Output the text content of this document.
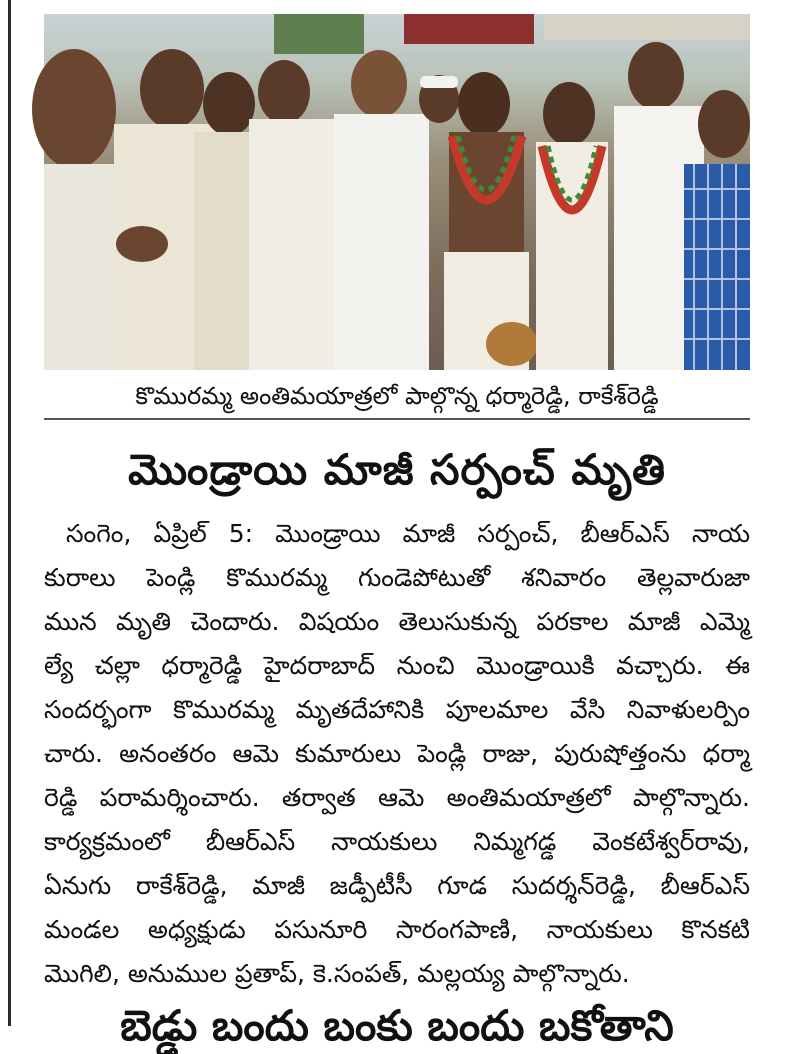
కొమురమ్మ అంతిమయాత్రలో పాల్గొన్న ధర్మారెడ్డి, రాకేశ్‌రెడ్డి
మొండ్రాయి మాజీ సర్పంచ్ మృతి
సంగెం, ఏప్రిల్ 5: మొండ్రాయి మాజీ సర్పంచ్, బీఆర్ఎస్ నాయ
కురాలు పెండ్లి కొమురమ్మ గుండెపోటుతో శనివారం తెల్లవారుజా
మున మృతి చెందారు. విషయం తెలుసుకున్న పరకాల మాజీ ఎమ్మె
ల్యే చల్లా ధర్మారెడ్డి హైదరాబాద్ నుంచి మొండ్రాయికి వచ్చారు. ఈ
సందర్భంగా కొమురమ్మ మృతదేహానికి పూలమాల వేసి నివాళులర్పిం
చారు. అనంతరం ఆమె కుమారులు పెండ్లి రాజు, పురుషోత్తంను ధర్మా
రెడ్డి పరామర్శించారు. తర్వాత ఆమె అంతిమయాత్రలో పాల్గొన్నారు.
కార్యక్రమంలో బీఆర్ఎస్ నాయకులు నిమ్మగడ్డ వెంకటేశ్వర్‌రావు,
ఏనుగు రాకేశ్‌రెడ్డి, మాజీ జడ్పీటీసీ గూడ సుదర్శన్‌రెడ్డి, బీఆర్ఎస్
మండల అధ్యక్షుడు పసునూరి సారంగపాణి, నాయకులు కొనకటి
మొగిలి, అనుముల ప్రతాప్, కె.సంపత్, మల్లయ్య పాల్గొన్నారు.
బెడ్డు బందు బంకు బందు బకోతాని
